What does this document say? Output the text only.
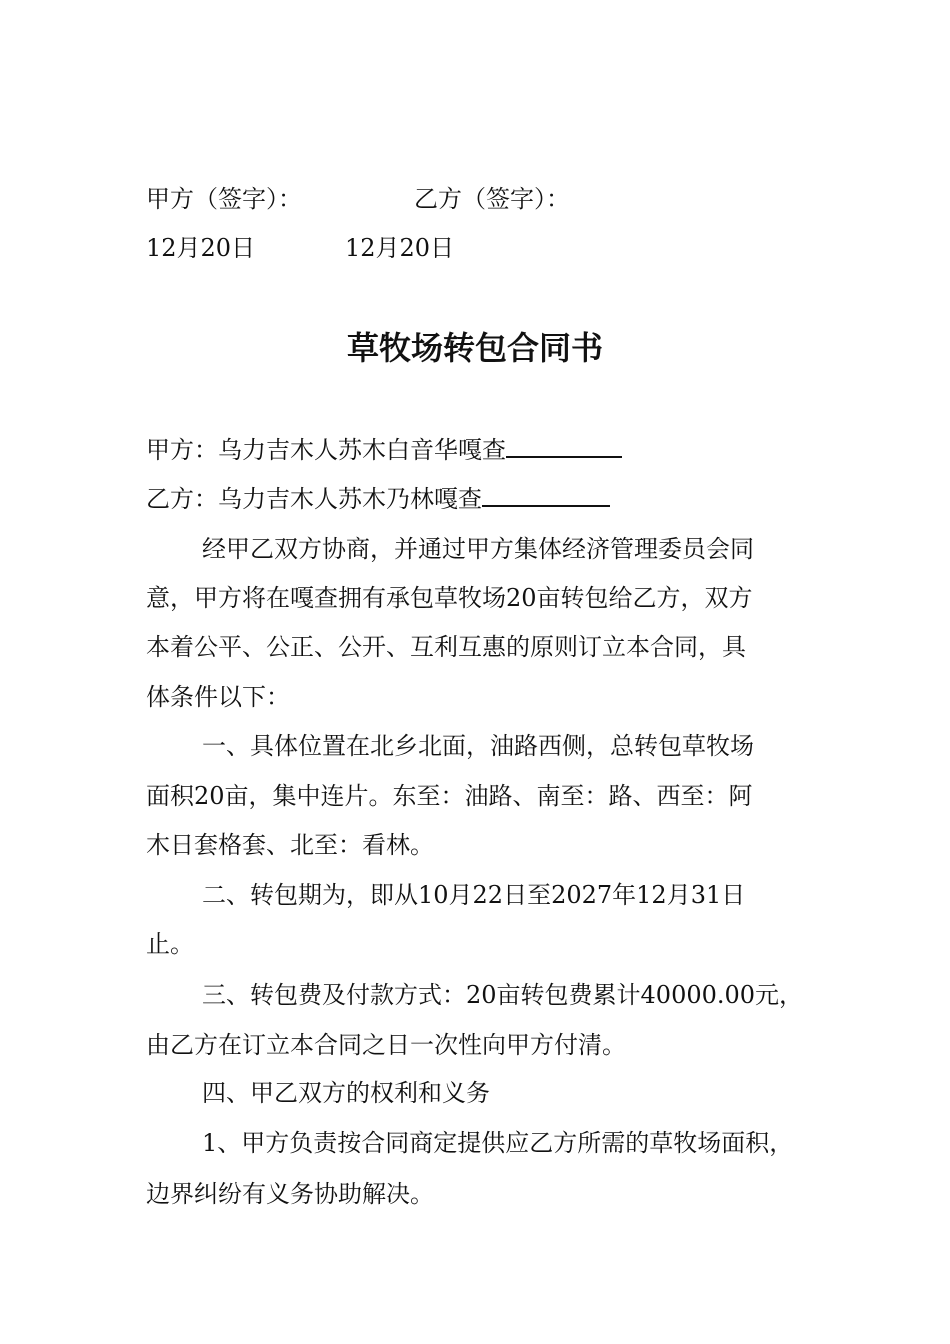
甲方（签字）：	乙方（签字）：
12月20日	12月20日
草牧场转包合同书
甲方：乌力吉木人苏木白音华嘎查
乙方：乌力吉木人苏木乃林嘎查
经甲乙双方协商，并通过甲方集体经济管理委员会同
意，甲方将在嘎查拥有承包草牧场20亩转包给乙方，双方
本着公平、公正、公开、互利互惠的原则订立本合同，具
体条件以下：
一、具体位置在北乡北面，油路西侧，总转包草牧场
面积20亩，集中连片。东至：油路、南至：路、西至：阿
木日套格套、北至：看林。
二、转包期为，即从10月22日至2027年12月31日
止。
三、转包费及付款方式：20亩转包费累计40000.00元，
由乙方在订立本合同之日一次性向甲方付清。
四、甲乙双方的权利和义务
1、甲方负责按合同商定提供应乙方所需的草牧场面积，
边界纠纷有义务协助解决。
